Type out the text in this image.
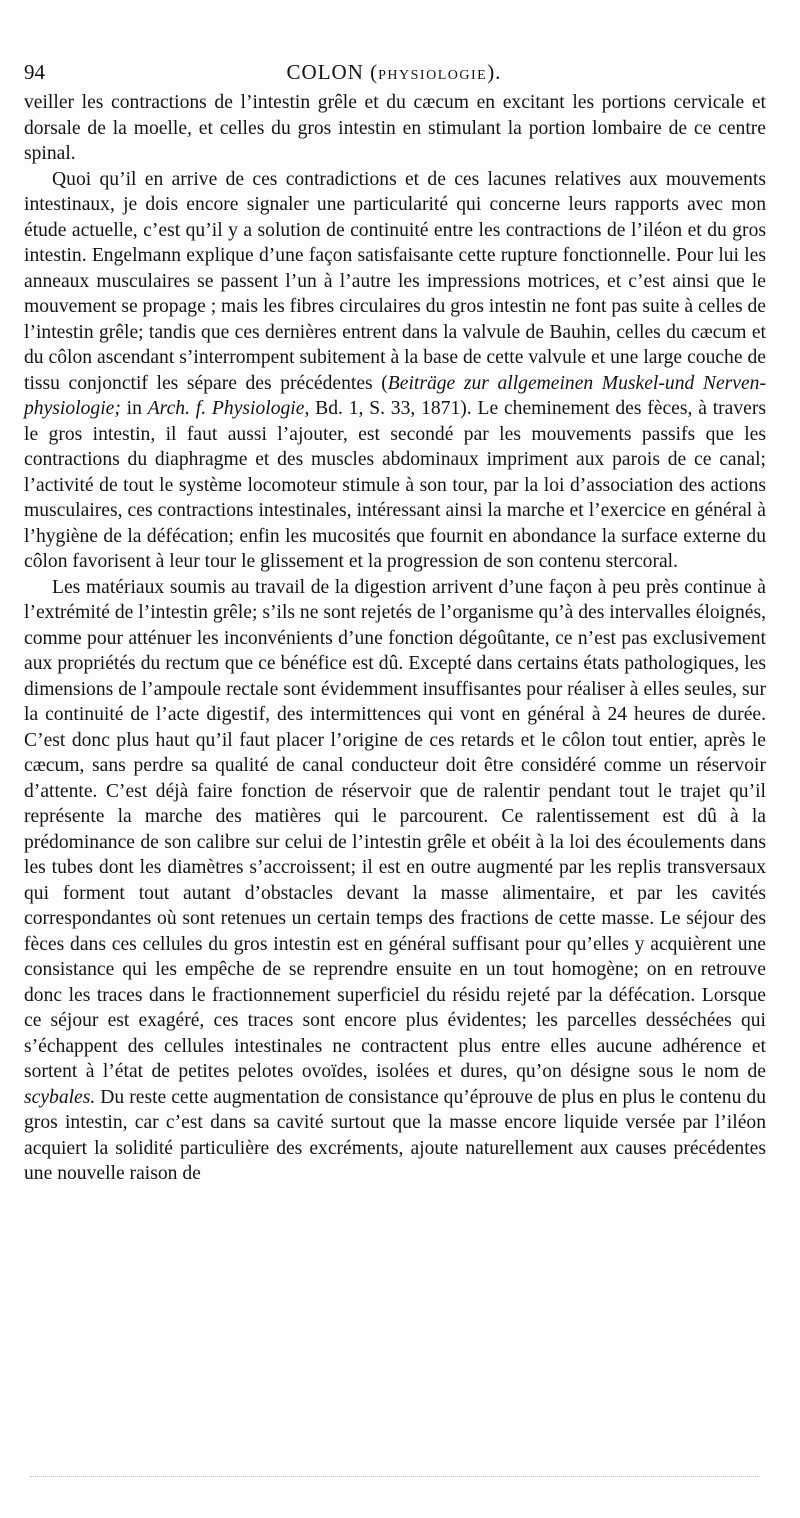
94	COLON (PHYSIOLOGIE).

veiller les contractions de l’intestin grêle et du cæcum en excitant les portions cervicale et dorsale de la moelle, et celles du gros intestin en stimulant la portion lombaire de ce centre spinal.

Quoi qu’il en arrive de ces contradictions et de ces lacunes relatives aux mouvements intestinaux, je dois encore signaler une particularité qui concerne leurs rapports avec mon étude actuelle, c’est qu’il y a solution de continuité entre les contractions de l’iléon et du gros intestin. Engelmann explique d’une façon satisfaisante cette rupture fonctionnelle. Pour lui les anneaux musculaires se passent l’un à l’autre les impressions motrices, et c’est ainsi que le mouvement se propage ; mais les fibres circulaires du gros intestin ne font pas suite à celles de l’intestin grêle; tandis que ces dernières entrent dans la valvule de Bauhin, celles du cæcum et du côlon ascendant s’interrompent subitement à la base de cette valvule et une large couche de tissu conjonctif les sépare des précédentes (Beiträge zur allgemeinen Muskel-und Nerven-physiologie; in Arch. f. Physiologie, Bd. 1, S. 33, 1871). Le cheminement des fèces, à travers le gros intestin, il faut aussi l’ajouter, est secondé par les mouvements passifs que les contractions du diaphragme et des muscles abdominaux impriment aux parois de ce canal; l’activité de tout le système locomoteur stimule à son tour, par la loi d’association des actions musculaires, ces contractions intestinales, intéressant ainsi la marche et l’exercice en général à l’hygiène de la défécation; enfin les mucosités que fournit en abondance la surface externe du côlon favorisent à leur tour le glissement et la progression de son contenu stercoral.

Les matériaux soumis au travail de la digestion arrivent d’une façon à peu près continue à l’extrémité de l’intestin grêle; s’ils ne sont rejetés de l’organisme qu’à des intervalles éloignés, comme pour atténuer les inconvénients d’une fonction dégoûtante, ce n’est pas exclusivement aux propriétés du rectum que ce bénéfice est dû. Excepté dans certains états pathologiques, les dimensions de l’ampoule rectale sont évidemment insuffisantes pour réaliser à elles seules, sur la continuité de l’acte digestif, des intermittences qui vont en général à 24 heures de durée. C’est donc plus haut qu’il faut placer l’origine de ces retards et le côlon tout entier, après le cæcum, sans perdre sa qualité de canal conducteur doit être considéré comme un réservoir d’attente. C’est déjà faire fonction de réservoir que de ralentir pendant tout le trajet qu’il représente la marche des matières qui le parcourent. Ce ralentissement est dû à la prédominance de son calibre sur celui de l’intestin grêle et obéit à la loi des écoulements dans les tubes dont les diamètres s’accroissent; il est en outre augmenté par les replis transversaux qui forment tout autant d’obstacles devant la masse alimentaire, et par les cavités correspondantes où sont retenues un certain temps des fractions de cette masse. Le séjour des fèces dans ces cellules du gros intestin est en général suffisant pour qu’elles y acquièrent une consistance qui les empêche de se reprendre ensuite en un tout homogène; on en retrouve donc les traces dans le fractionnement superficiel du résidu rejeté par la défécation. Lorsque ce séjour est exagéré, ces traces sont encore plus évidentes; les parcelles desséchées qui s’échappent des cellules intestinales ne contractent plus entre elles aucune adhérence et sortent à l’état de petites pelotes ovoïdes, isolées et dures, qu’on désigne sous le nom de scybales. Du reste cette augmentation de consistance qu’éprouve de plus en plus le contenu du gros intestin, car c’est dans sa cavité surtout que la masse encore liquide versée par l’iléon acquiert la solidité particulière des excréments, ajoute naturellement aux causes précédentes une nouvelle raison de
